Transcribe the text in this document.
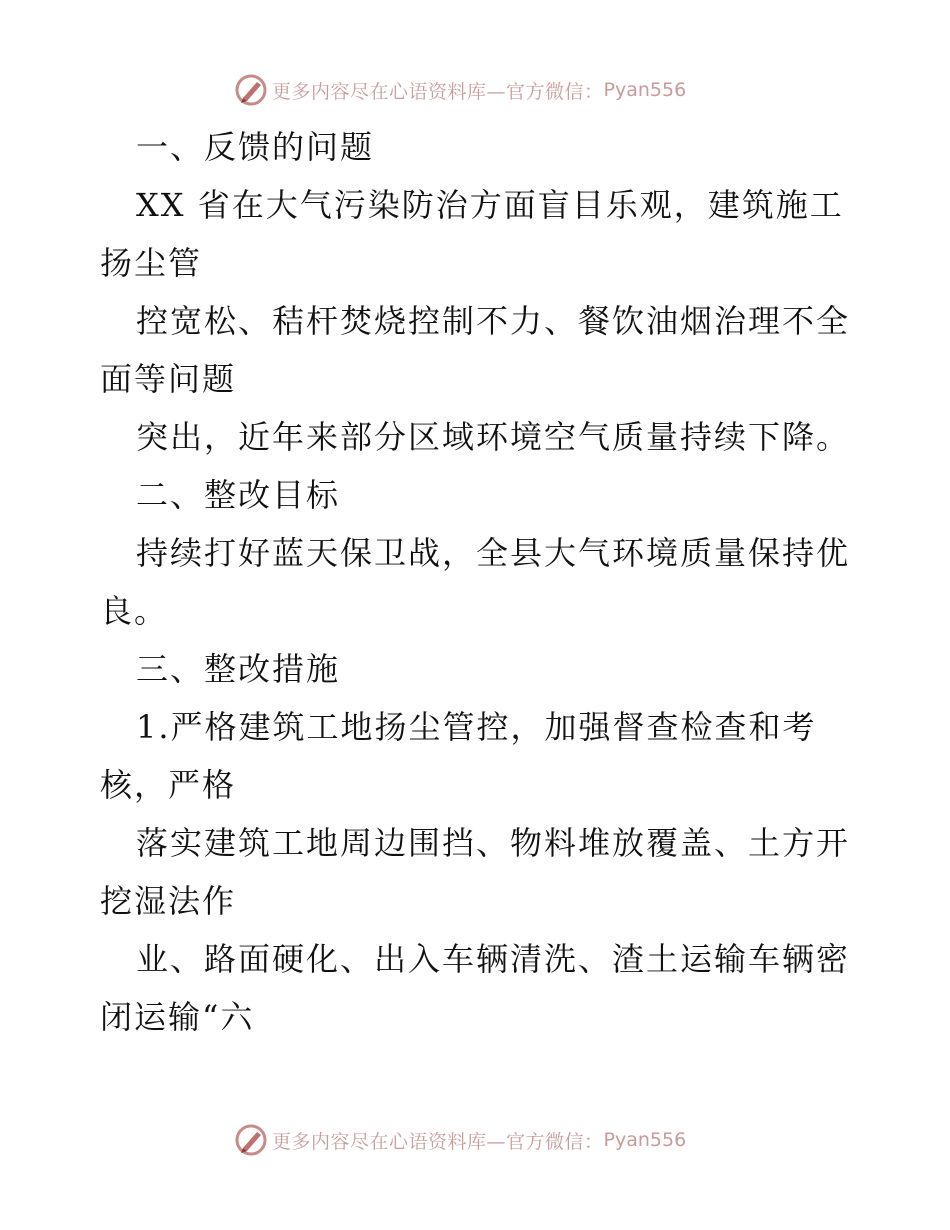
更多内容尽在心语资料库—官方微信： Pyan556
一、反馈的问题
XX 省在大气污染防治方面盲目乐观，建筑施工
扬尘管
控宽松、秸杆焚烧控制不力、餐饮油烟治理不全
面等问题
突出，近年来部分区域环境空气质量持续下降。
二、整改目标
持续打好蓝天保卫战，全县大气环境质量保持优
良。
三、整改措施
1.严格建筑工地扬尘管控，加强督查检查和考
核，严格
落实建筑工地周边围挡、物料堆放覆盖、土方开
挖湿法作
业、路面硬化、出入车辆清洗、渣土运输车辆密
闭运输“六
更多内容尽在心语资料库—官方微信： Pyan556
